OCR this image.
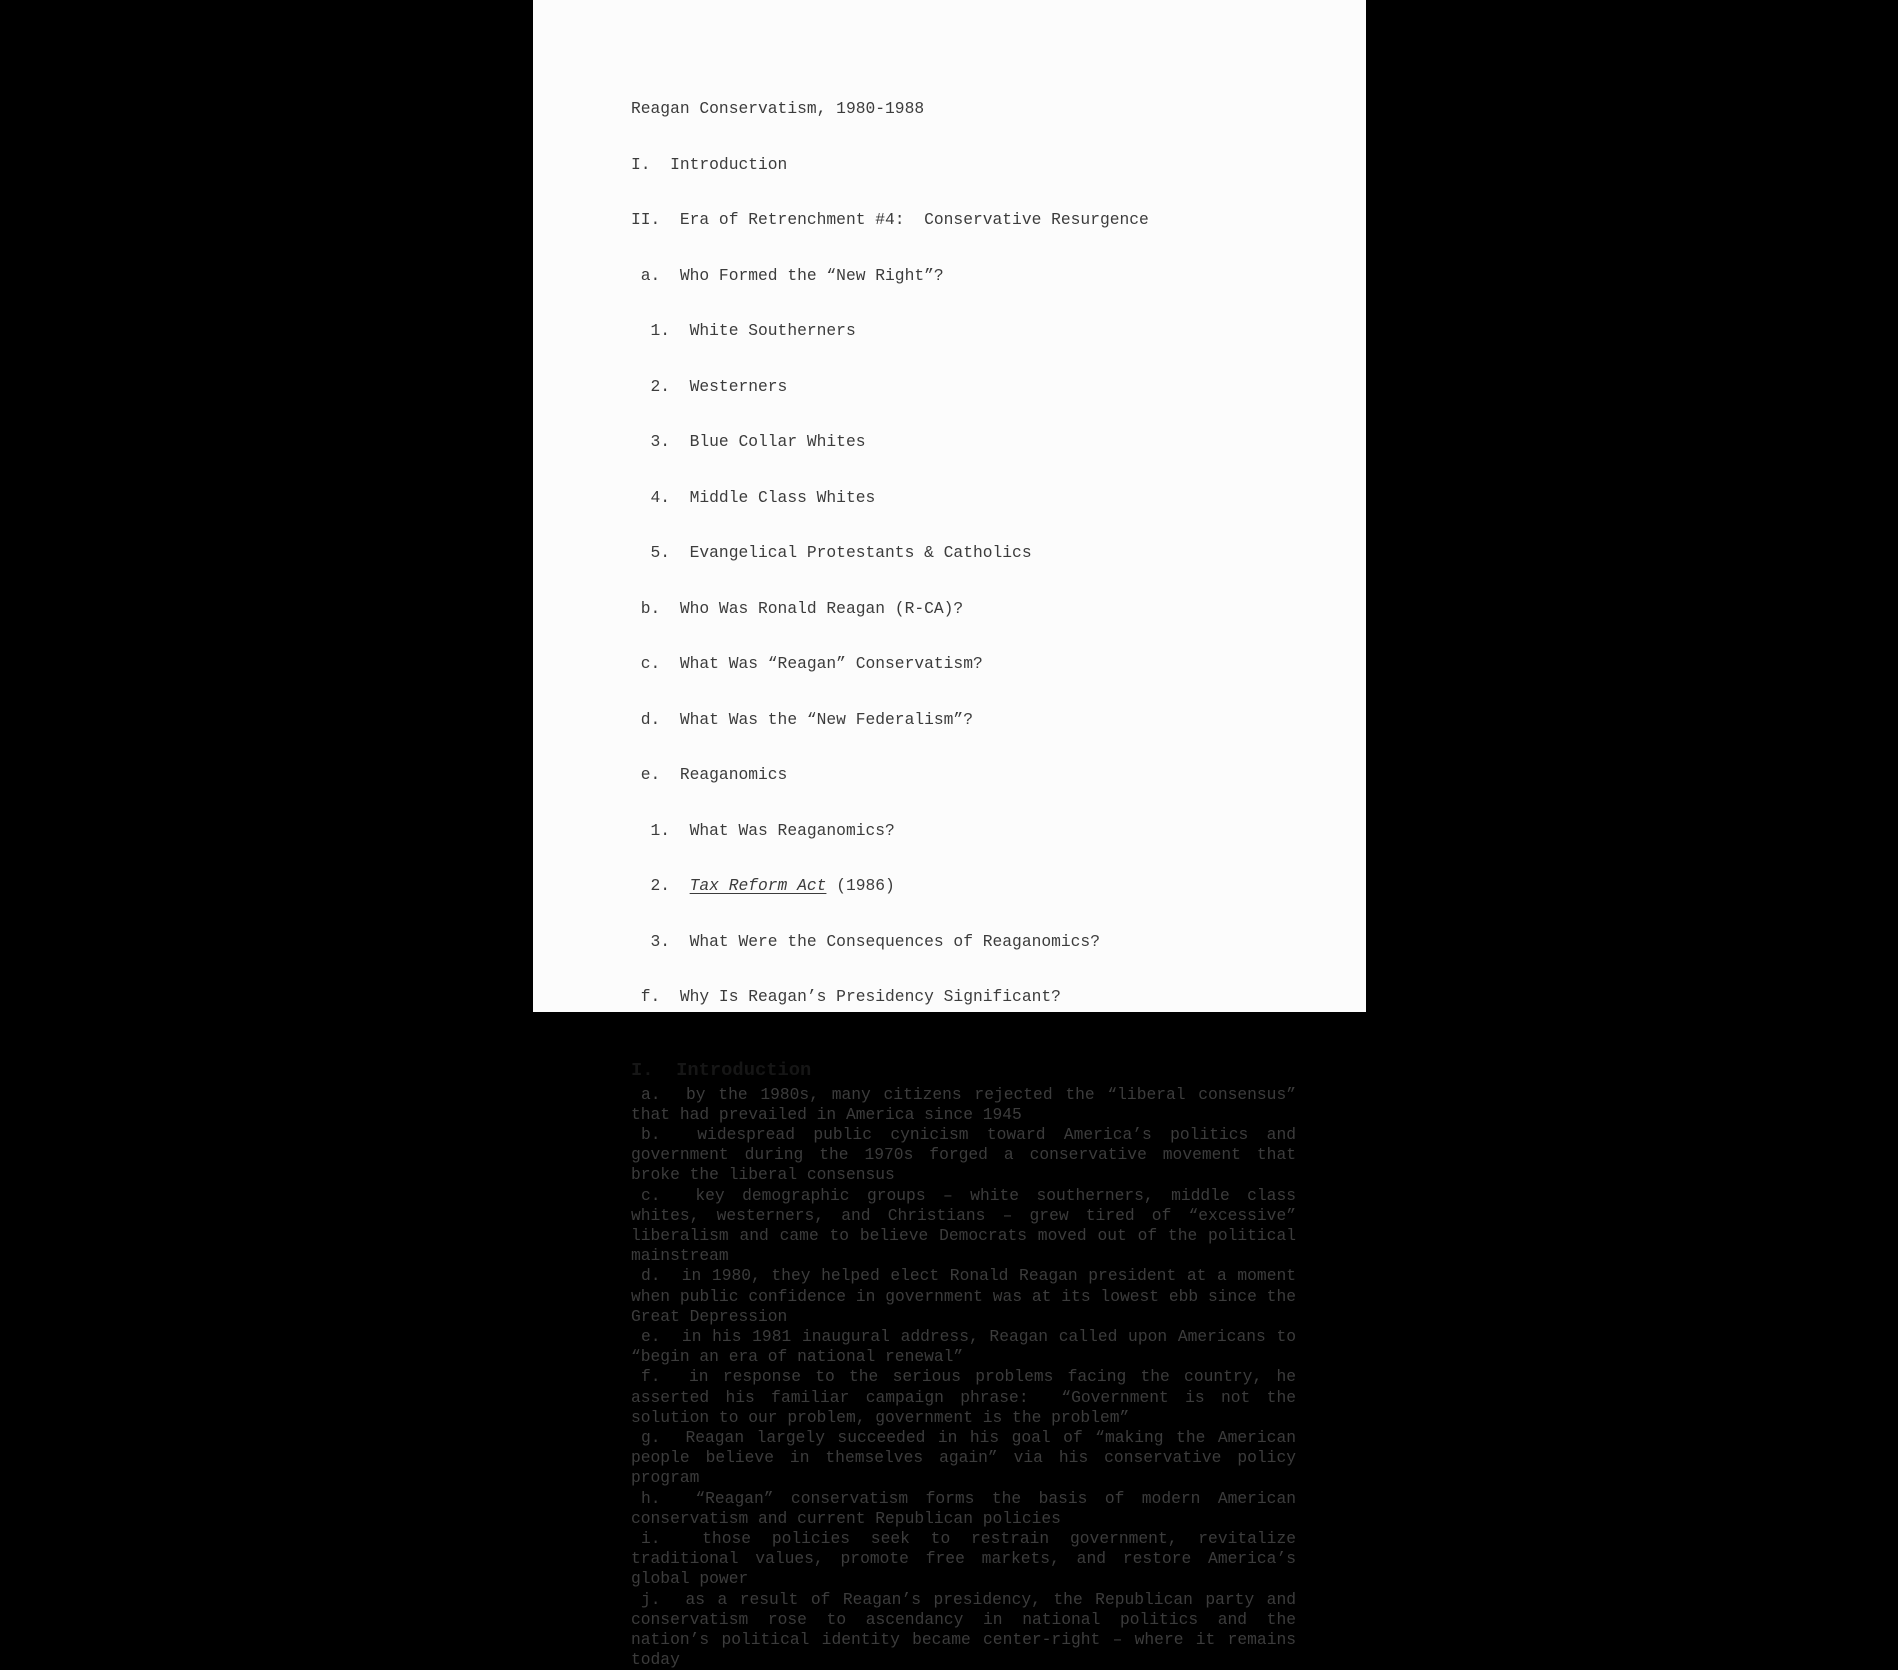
Reagan Conservatism, 1980-1988

I.  Introduction

II.  Era of Retrenchment #4:  Conservative Resurgence

a.  Who Formed the “New Right”?

1.  White Southerners

2.  Westerners

3.  Blue Collar Whites

4.  Middle Class Whites

5.  Evangelical Protestants & Catholics

b.  Who Was Ronald Reagan (R-CA)?

c.  What Was “Reagan” Conservatism?

d.  What Was the “New Federalism”?

e.  Reaganomics

1.  What Was Reaganomics?

2.  Tax Reform Act (1986)

3.  What Were the Consequences of Reaganomics?

f.  Why Is Reagan’s Presidency Significant?

I.  Introduction

a.  by the 1980s, many citizens rejected the “liberal consensus” that had prevailed in America since 1945

b.  widespread public cynicism toward America’s politics and government during the 1970s forged a conservative movement that broke the liberal consensus

c.  key demographic groups – white southerners, middle class whites, westerners, and Christians – grew tired of “excessive” liberalism and came to believe Democrats moved out of the political mainstream

d.  in 1980, they helped elect Ronald Reagan president at a moment when public confidence in government was at its lowest ebb since the Great Depression

e.  in his 1981 inaugural address, Reagan called upon Americans to “begin an era of national renewal”

f.  in response to the serious problems facing the country, he asserted his familiar campaign phrase:  “Government is not the solution to our problem, government is the problem”

g.  Reagan largely succeeded in his goal of “making the American people believe in themselves again” via his conservative policy program

h.  “Reagan” conservatism forms the basis of modern American conservatism and current Republican policies

i.  those policies seek to restrain government, revitalize traditional values, promote free markets, and restore America’s global power

j.  as a result of Reagan’s presidency, the Republican party and conservatism rose to ascendancy in national politics and the nation’s political identity became center-right – where it remains today
